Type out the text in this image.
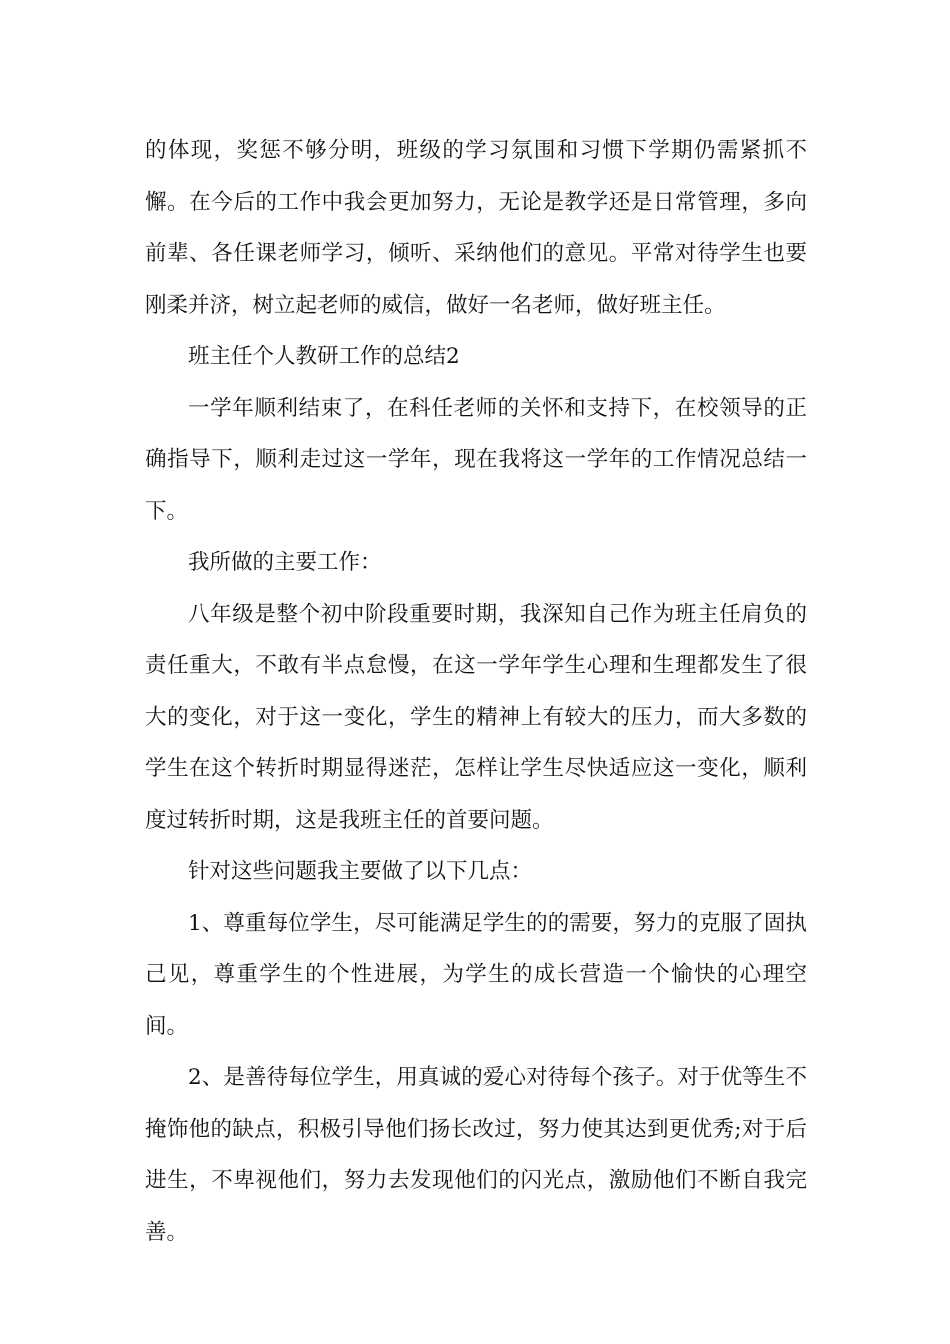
的体现，奖惩不够分明，班级的学习氛围和习惯下学期仍需紧抓不懈。在今后的工作中我会更加努力，无论是教学还是日常管理，多向前辈、各任课老师学习，倾听、采纳他们的意见。平常对待学生也要刚柔并济，树立起老师的威信，做好一名老师，做好班主任。

班主任个人教研工作的总结2

一学年顺利结束了，在科任老师的关怀和支持下，在校领导的正确指导下，顺利走过这一学年，现在我将这一学年的工作情况总结一下。

我所做的主要工作：

八年级是整个初中阶段重要时期，我深知自己作为班主任肩负的责任重大，不敢有半点怠慢，在这一学年学生心理和生理都发生了很大的变化，对于这一变化，学生的精神上有较大的压力，而大多数的学生在这个转折时期显得迷茫，怎样让学生尽快适应这一变化，顺利度过转折时期，这是我班主任的首要问题。

针对这些问题我主要做了以下几点：

1、尊重每位学生，尽可能满足学生的的需要，努力的克服了固执己见，尊重学生的个性进展，为学生的成长营造一个愉快的心理空间。

2、是善待每位学生，用真诚的爱心对待每个孩子。对于优等生不掩饰他的缺点，积极引导他们扬长改过，努力使其达到更优秀;对于后进生，不卑视他们，努力去发现他们的闪光点，激励他们不断自我完善。
